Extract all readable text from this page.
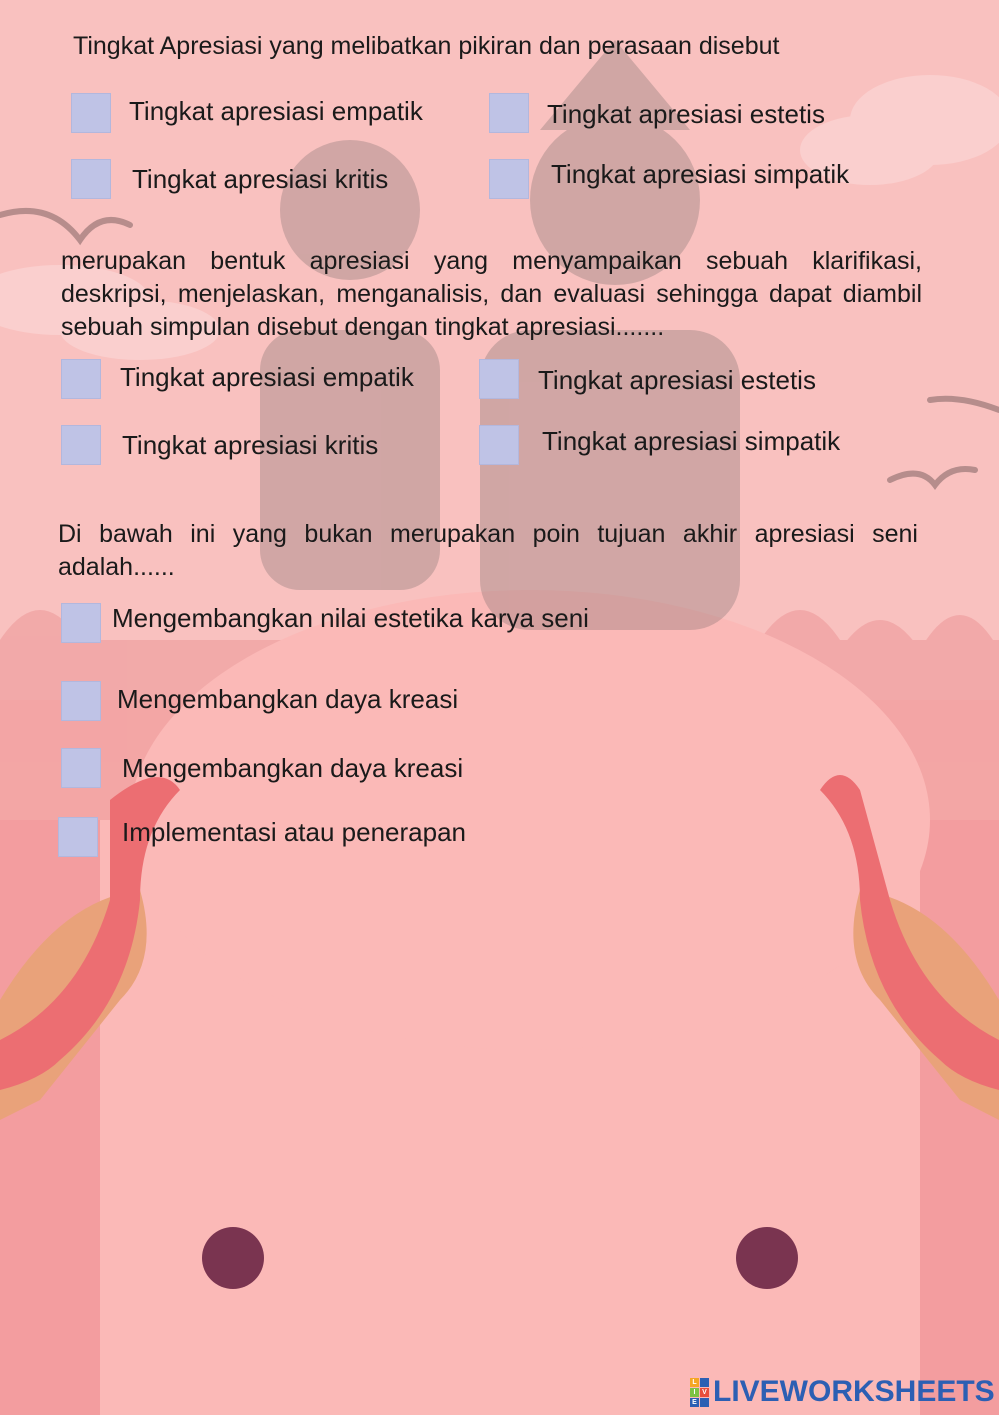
Tingkat Apresiasi yang melibatkan pikiran dan perasaan disebut
Tingkat apresiasi empatik	Tingkat apresiasi estetis
Tingkat apresiasi kritis	Tingkat apresiasi simpatik
merupakan bentuk apresiasi yang menyampaikan sebuah klarifikasi, deskripsi, menjelaskan, menganalisis, dan evaluasi sehingga dapat diambil sebuah simpulan disebut dengan tingkat apresiasi.......
Tingkat apresiasi empatik	Tingkat apresiasi estetis
Tingkat apresiasi kritis	Tingkat apresiasi simpatik
Di bawah ini yang bukan merupakan poin tujuan akhir apresiasi seni adalah......
Mengembangkan nilai estetika karya seni
Mengembangkan daya kreasi
Mengembangkan daya kreasi
Implementasi atau penerapan
L
I V
E LIVEWORKSHEETS
